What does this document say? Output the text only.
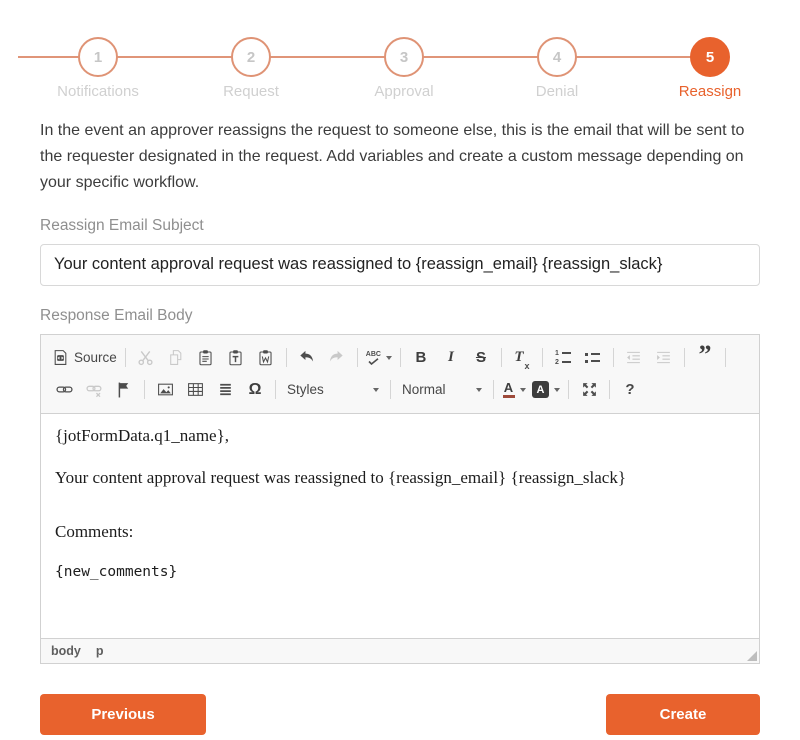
1
Notifications
2
Request
3
Approval
4
Denial
5
Reassign

In the event an approver reassigns the request to someone else, this is the email that will be sent to the requester designated in the request. Add variables and create a custom message depending on your specific workflow.

Reassign Email Subject
Your content approval request was reassigned to {reassign_email} {reassign_slack}
Response Email Body
Source	ABC B I S T
x
1
2	”
Ω Styles	Normal	A A	?

{jotFormData.q1_name},

Your content approval request was reassigned to {reassign_email} {reassign_slack}

Comments:

{new_comments}

body p
Previous	Create
